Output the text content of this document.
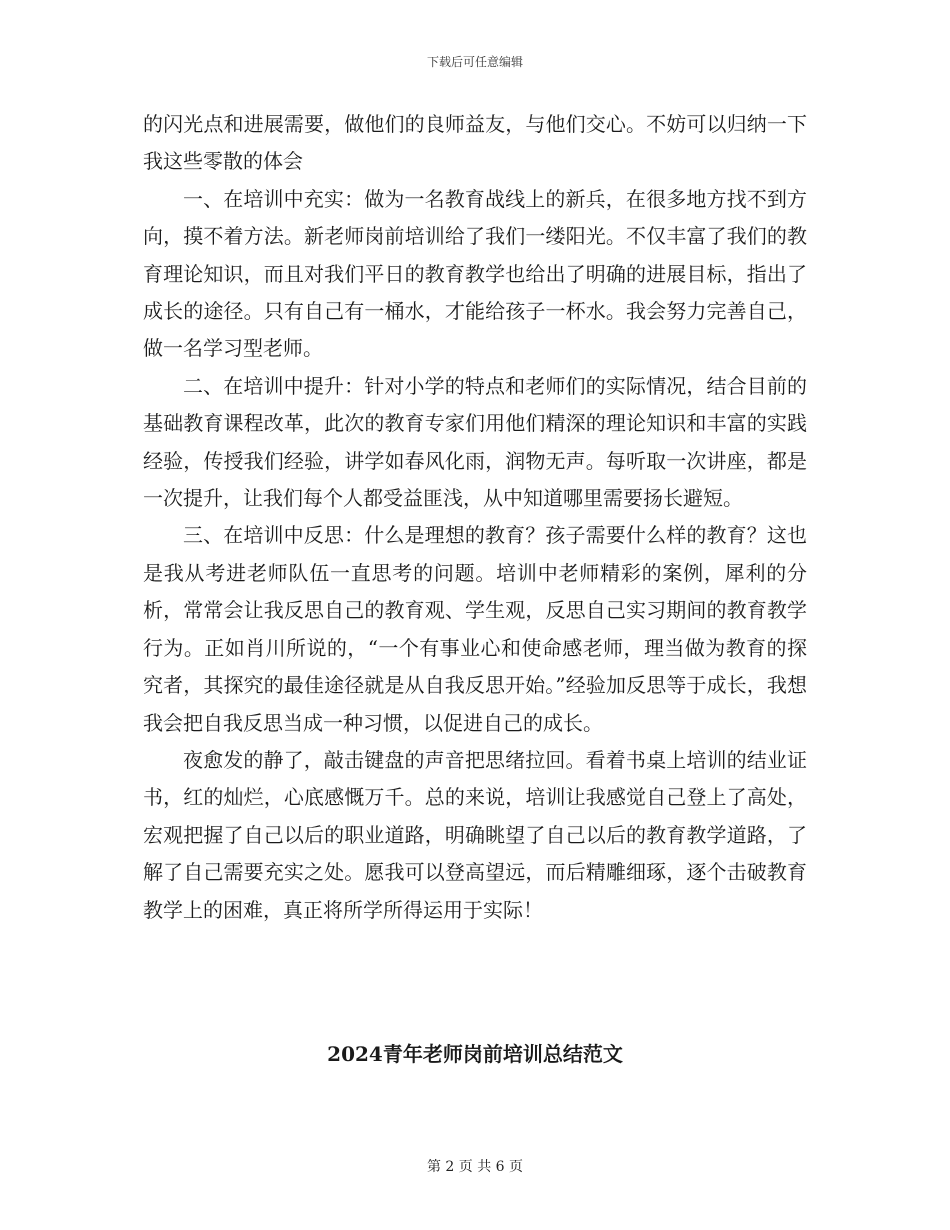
下载后可任意编辑

的闪光点和进展需要，做他们的良师益友，与他们交心。不妨可以归纳一下我这些零散的体会

一、在培训中充实：做为一名教育战线上的新兵，在很多地方找不到方向，摸不着方法。新老师岗前培训给了我们一缕阳光。不仅丰富了我们的教育理论知识，而且对我们平日的教育教学也给出了明确的进展目标，指出了成长的途径。只有自己有一桶水，才能给孩子一杯水。我会努力完善自己，做一名学习型老师。

二、在培训中提升：针对小学的特点和老师们的实际情况，结合目前的基础教育课程改革，此次的教育专家们用他们精深的理论知识和丰富的实践经验，传授我们经验，讲学如春风化雨，润物无声。每听取一次讲座，都是一次提升，让我们每个人都受益匪浅，从中知道哪里需要扬长避短。

三、在培训中反思：什么是理想的教育？孩子需要什么样的教育？这也是我从考进老师队伍一直思考的问题。培训中老师精彩的案例，犀利的分析，常常会让我反思自己的教育观、学生观，反思自己实习期间的教育教学行为。正如肖川所说的，“一个有事业心和使命感老师，理当做为教育的探究者，其探究的最佳途径就是从自我反思开始。”经验加反思等于成长，我想我会把自我反思当成一种习惯，以促进自己的成长。

夜愈发的静了，敲击键盘的声音把思绪拉回。看着书桌上培训的结业证书，红的灿烂，心底感慨万千。总的来说，培训让我感觉自己登上了高处，宏观把握了自己以后的职业道路，明确眺望了自己以后的教育教学道路，了解了自己需要充实之处。愿我可以登高望远，而后精雕细琢，逐个击破教育教学上的困难，真正将所学所得运用于实际！

2024青年老师岗前培训总结范文
第 2 页 共 6 页
